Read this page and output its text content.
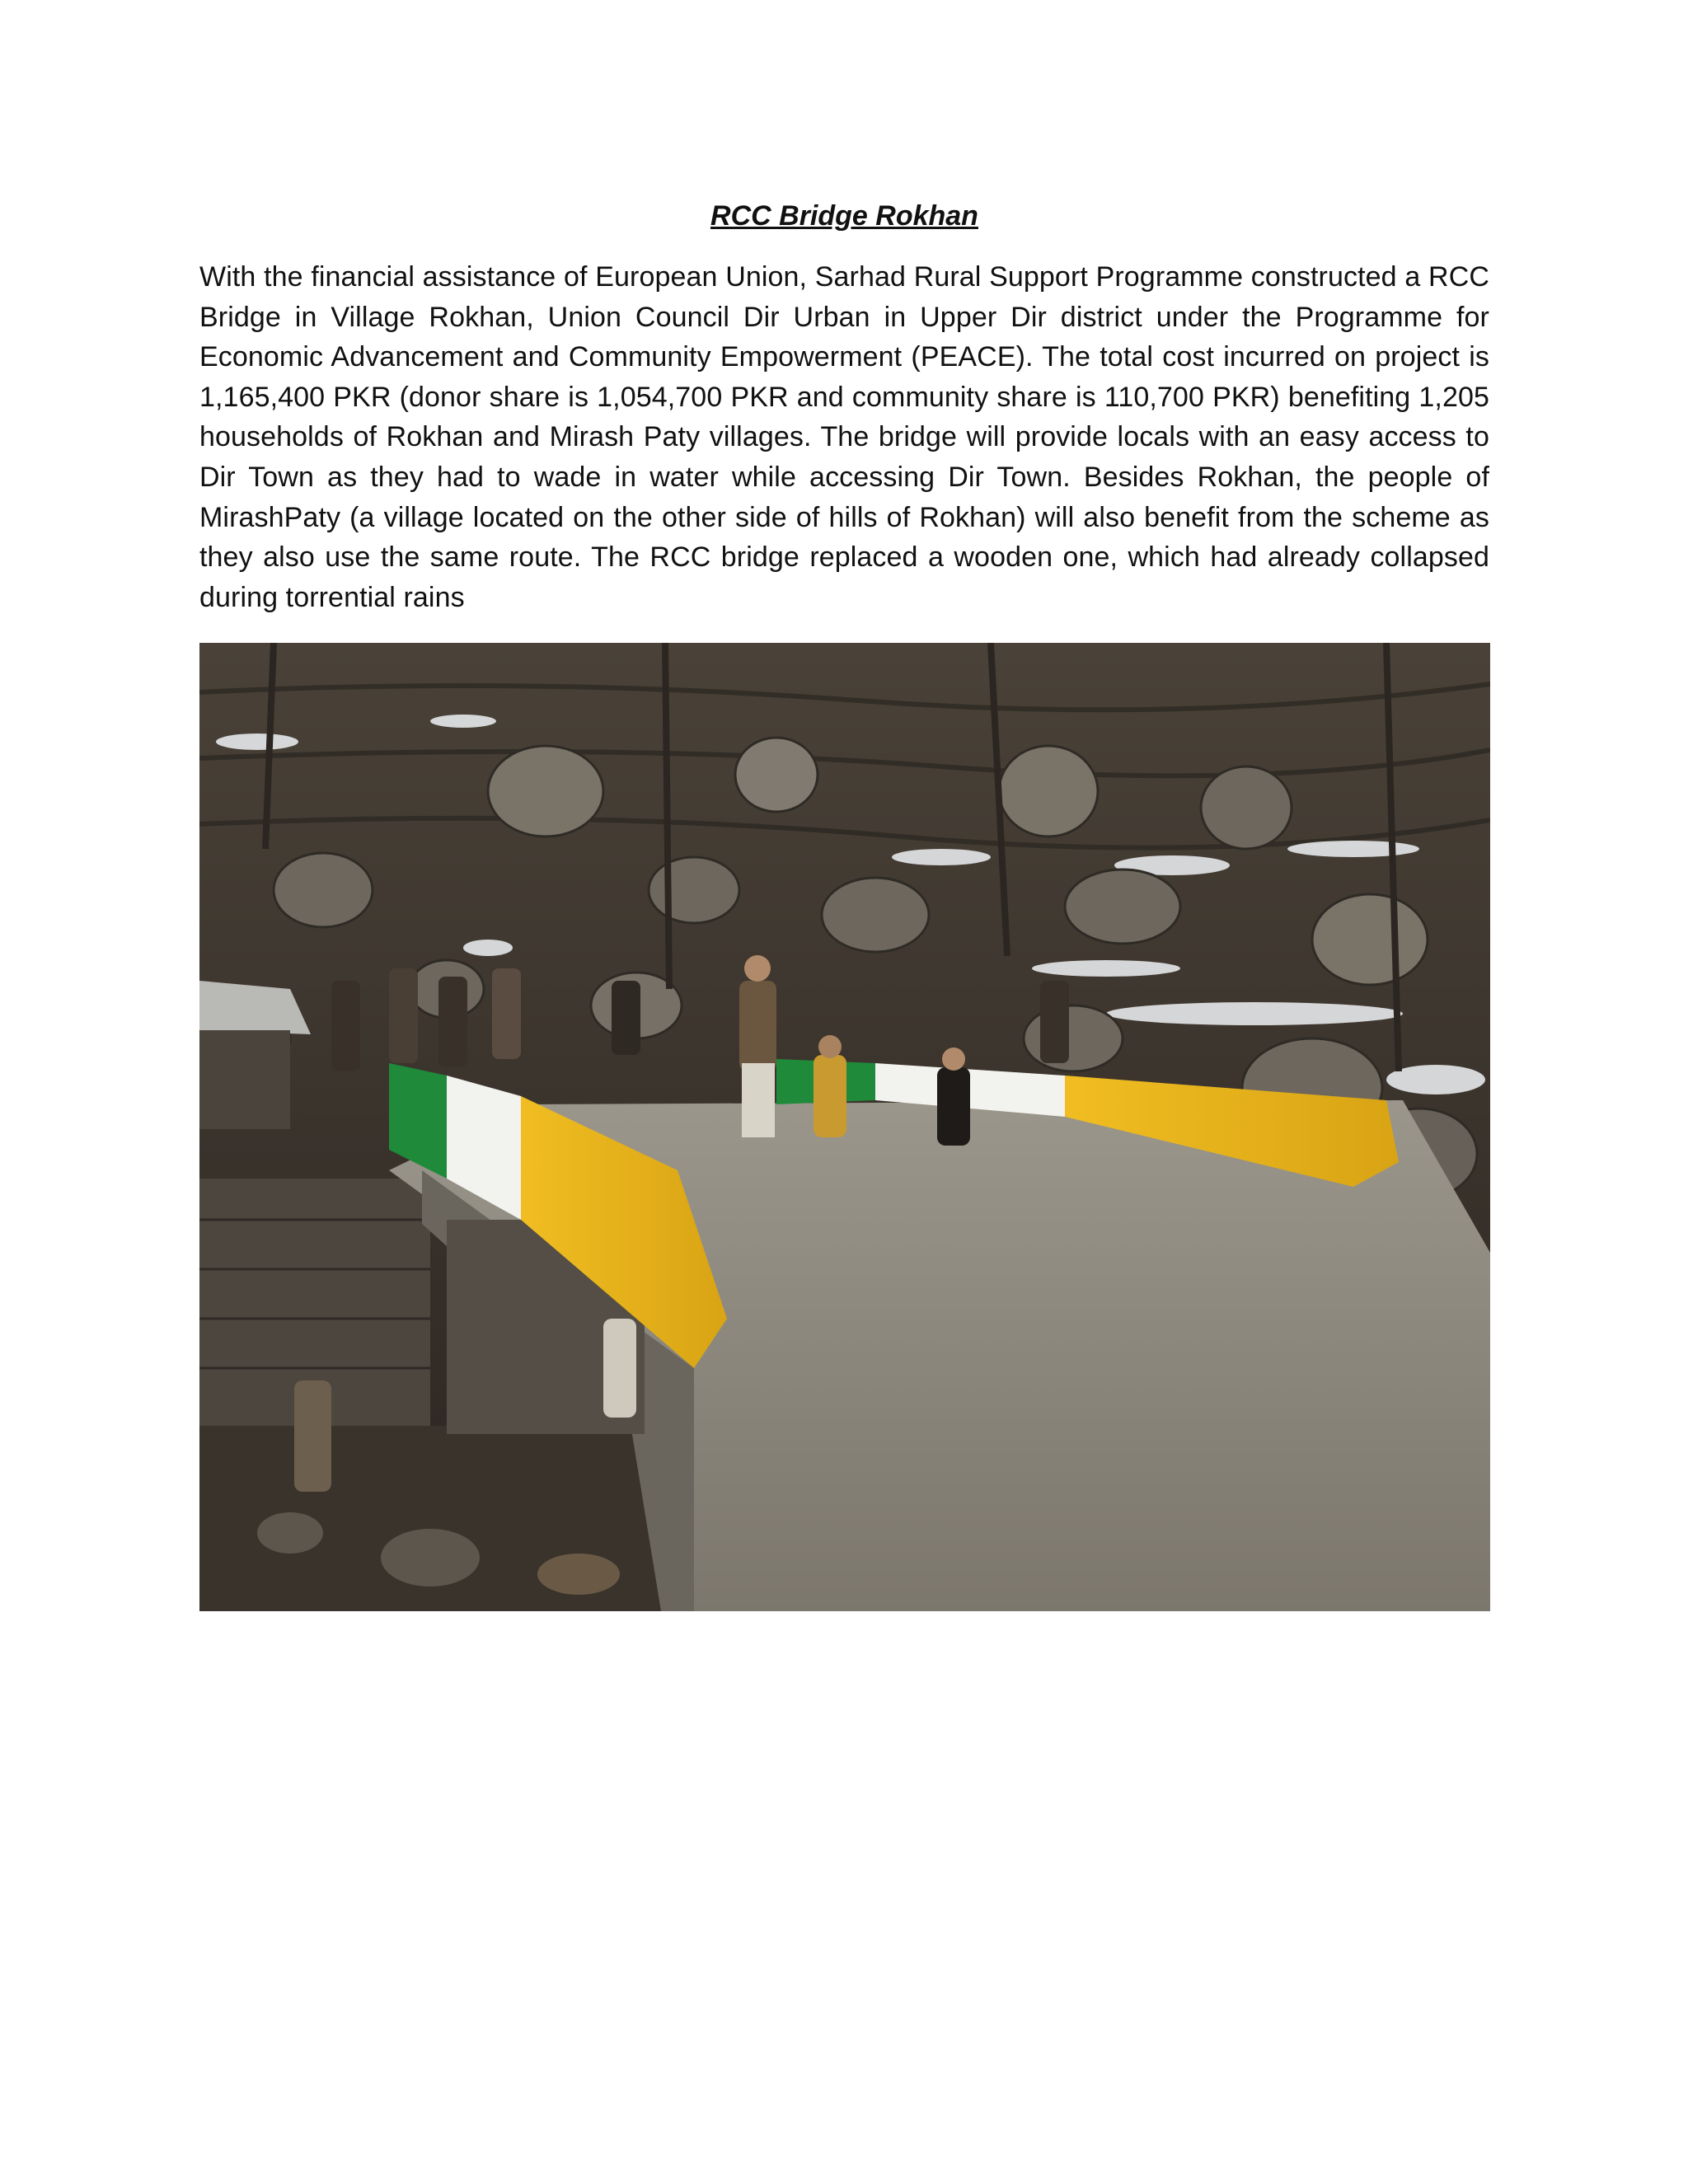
RCC Bridge Rokhan

With the financial assistance of European Union, Sarhad Rural Support Programme constructed a RCC Bridge in Village Rokhan, Union Council Dir Urban in Upper Dir district under the Programme for Economic Advancement and Community Empowerment (PEACE). The total cost incurred on project is 1,165,400 PKR (donor share is 1,054,700 PKR and community share is 110,700 PKR) benefiting 1,205 households of Rokhan and Mirash Paty villages. The bridge will provide locals with an easy access to Dir Town as they had to wade in water while accessing Dir Town. Besides Rokhan, the people of MirashPaty (a village located on the other side of hills of Rokhan) will also benefit from the scheme as they also use the same route. The RCC bridge replaced a wooden one, which had already collapsed during torrential rains
